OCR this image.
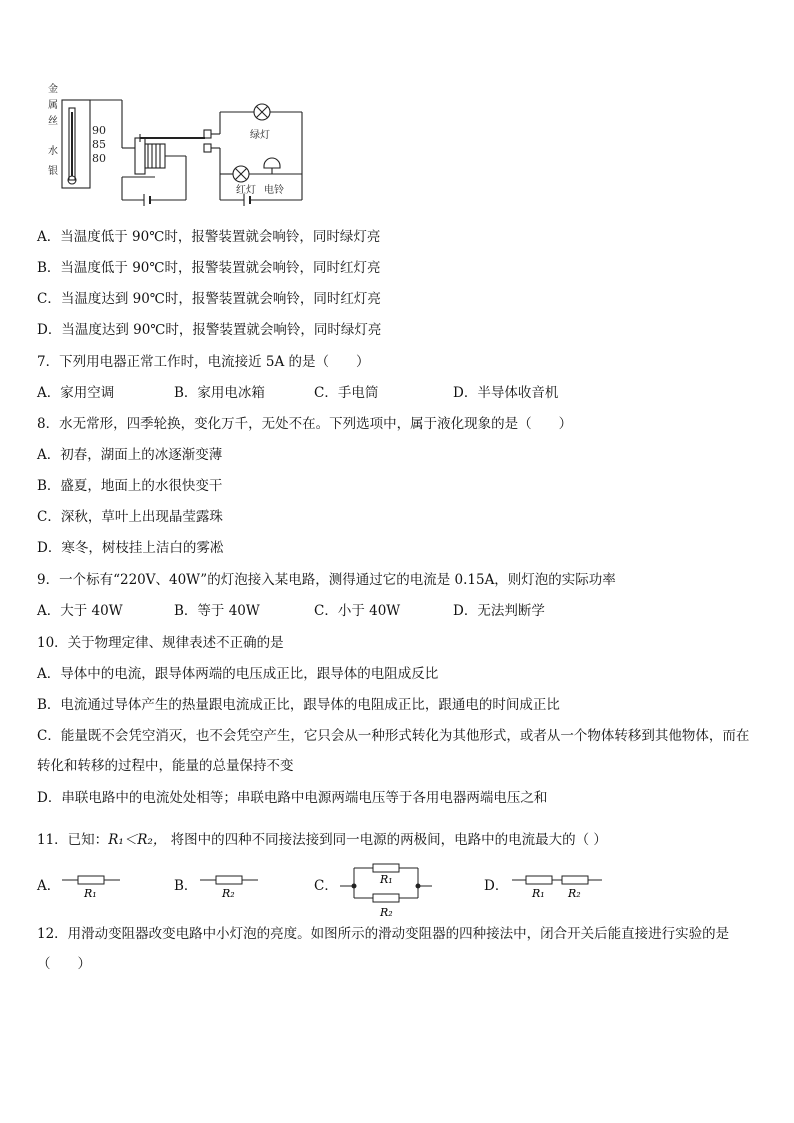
金
属
丝
水
银
90
85
80
绿灯
红灯 电铃
A．当温度低于 90℃时，报警装置就会响铃，同时绿灯亮
B．当温度低于 90℃时，报警装置就会响铃，同时红灯亮
C．当温度达到 90℃时，报警装置就会响铃，同时红灯亮
D．当温度达到 90℃时，报警装置就会响铃，同时绿灯亮
7．下列用电器正常工作时，电流接近 5A 的是（　　）
A．家用空调	B．家用电冰箱	C．手电筒	D．半导体收音机
8．水无常形，四季轮换，变化万千，无处不在。下列选项中，属于液化现象的是（　　）
A．初春，湖面上的冰逐渐变薄
B．盛夏，地面上的水很快变干
C．深秋，草叶上出现晶莹露珠
D．寒冬，树枝挂上洁白的雾凇
9．一个标有“220V、40W”的灯泡接入某电路，测得通过它的电流是 0.15A，则灯泡的实际功率
A．大于 40W	B．等于 40W	C．小于 40W	D．无法判断学
10．关于物理定律、规律表述不正确的是
A．导体中的电流，跟导体两端的电压成正比，跟导体的电阻成反比
B．电流通过导体产生的热量跟电流成正比，跟导体的电阻成正比，跟通电的时间成正比
C．能量既不会凭空消灭，也不会凭空产生，它只会从一种形式转化为其他形式，或者从一个物体转移到其他物体，而在转化和转移的过程中，能量的总量保持不变
D．串联电路中的电流处处相等；串联电路中电源两端电压等于各用电器两端电压之和
11．已知：R₁＜R₂， 将图中的四种不同接法接到同一电源的两极间，电路中的电流最大的（ ）
A．	B．	C．	D．
R₁	R₂
R₁
R₂
R₁ R₂
12．用滑动变阻器改变电路中小灯泡的亮度。如图所示的滑动变阻器的四种接法中，闭合开关后能直接进行实验的是（　　）
